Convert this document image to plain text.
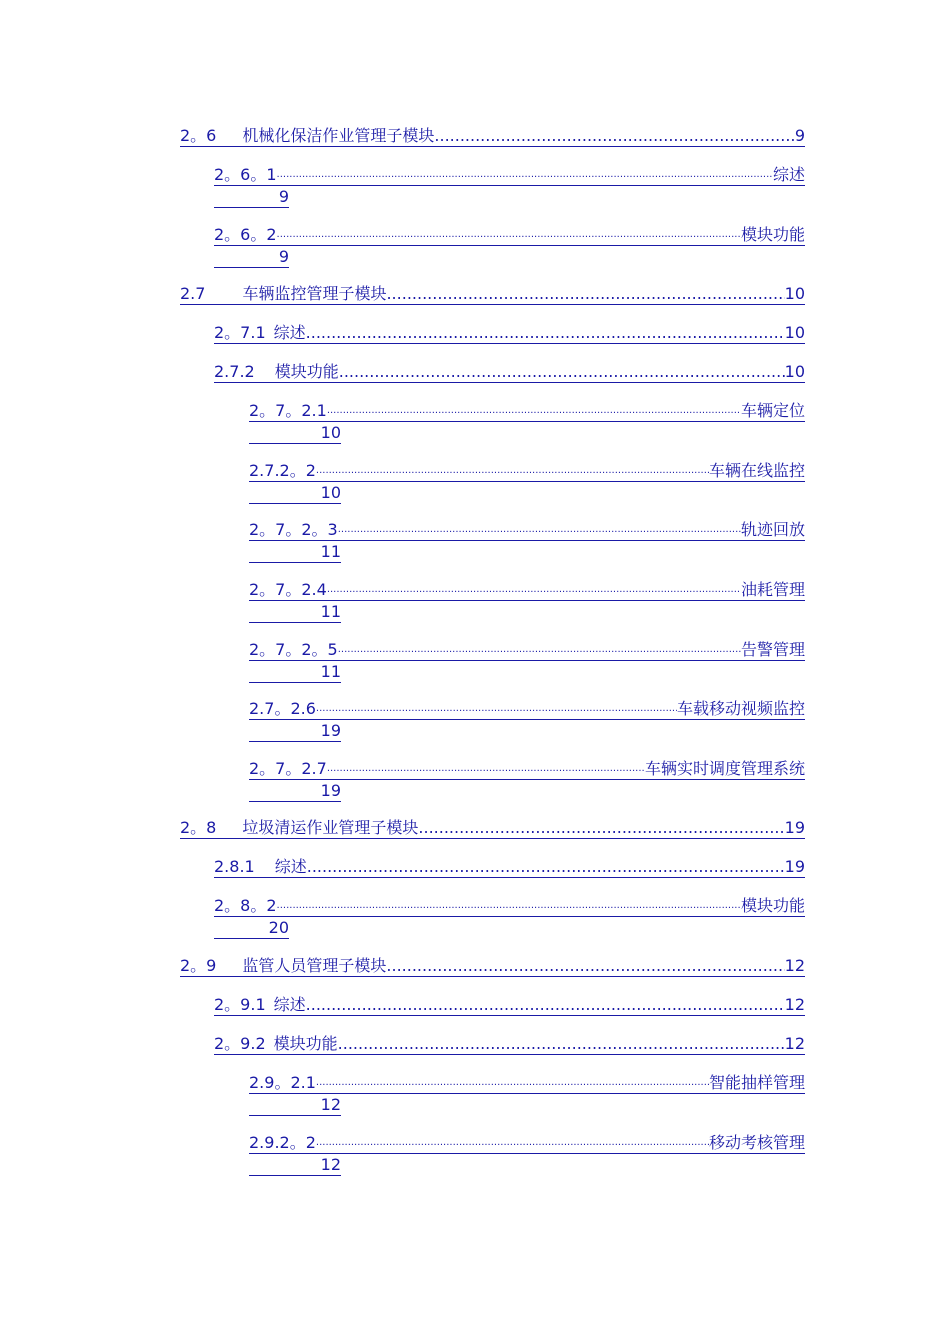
2。6 机械化保洁作业管理子模块 .....	9
2。6。1 .....	综述
9
2。6。2 .....	模块功能
9
2.7 车辆监控管理子模块 .....	10
2。7.1 综述 .....	10
2.7.2 模块功能 .....	10
2。7。2.1 .....	车辆定位
10
2.7.2。2 .....	车辆在线监控
10
2。7。2。3 .....	轨迹回放
11
2。7。2.4 .....	油耗管理
11
2。7。2。5 .....	告警管理
11
2.7。2.6 .....	车载移动视频监控
19
2。7。2.7 .....	车辆实时调度管理系统
19
2。8 垃圾清运作业管理子模块 .....	19
2.8.1 综述 .....	19
2。8。2 .....	模块功能
20
2。9 监管人员管理子模块 .....	12
2。9.1 综述 .....	12
2。9.2 模块功能 .....	12
2.9。2.1 .....	智能抽样管理
12
2.9.2。2 .....	移动考核管理
12
